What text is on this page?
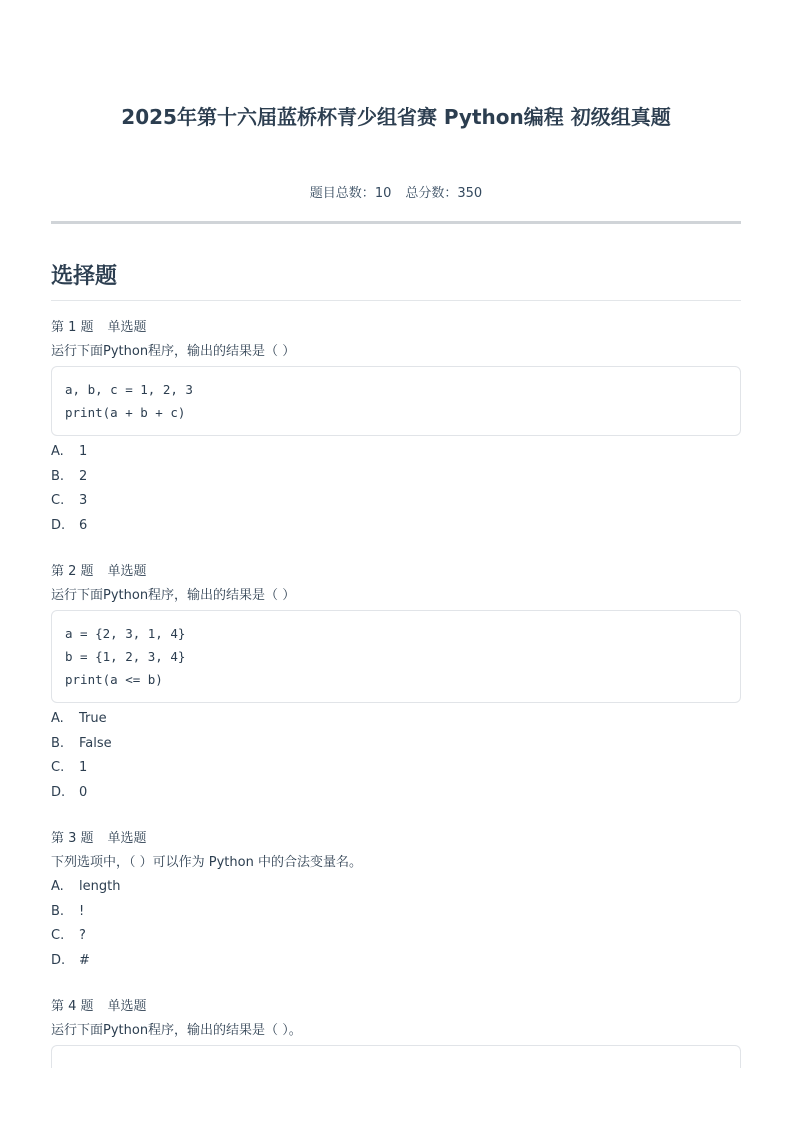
2025年第十六届蓝桥杯青少组省赛 Python编程 初级组真题
题目总数：10 总分数：350
选择题
第 1 题 单选题
运行下面Python程序，输出的结果是（ ）
a, b, c = 1, 2, 3
print(a + b + c)
A. 1
B. 2
C. 3
D. 6
第 2 题 单选题
运行下面Python程序，输出的结果是（ ）
a = {2, 3, 1, 4}
b = {1, 2, 3, 4}
print(a <= b)
A. True
B. False
C. 1
D. 0
第 3 题 单选题
下列选项中，（ ）可以作为 Python 中的合法变量名。
A. length
B. !
C. ?
D. #
第 4 题 单选题
运行下面Python程序，输出的结果是（ ）。
